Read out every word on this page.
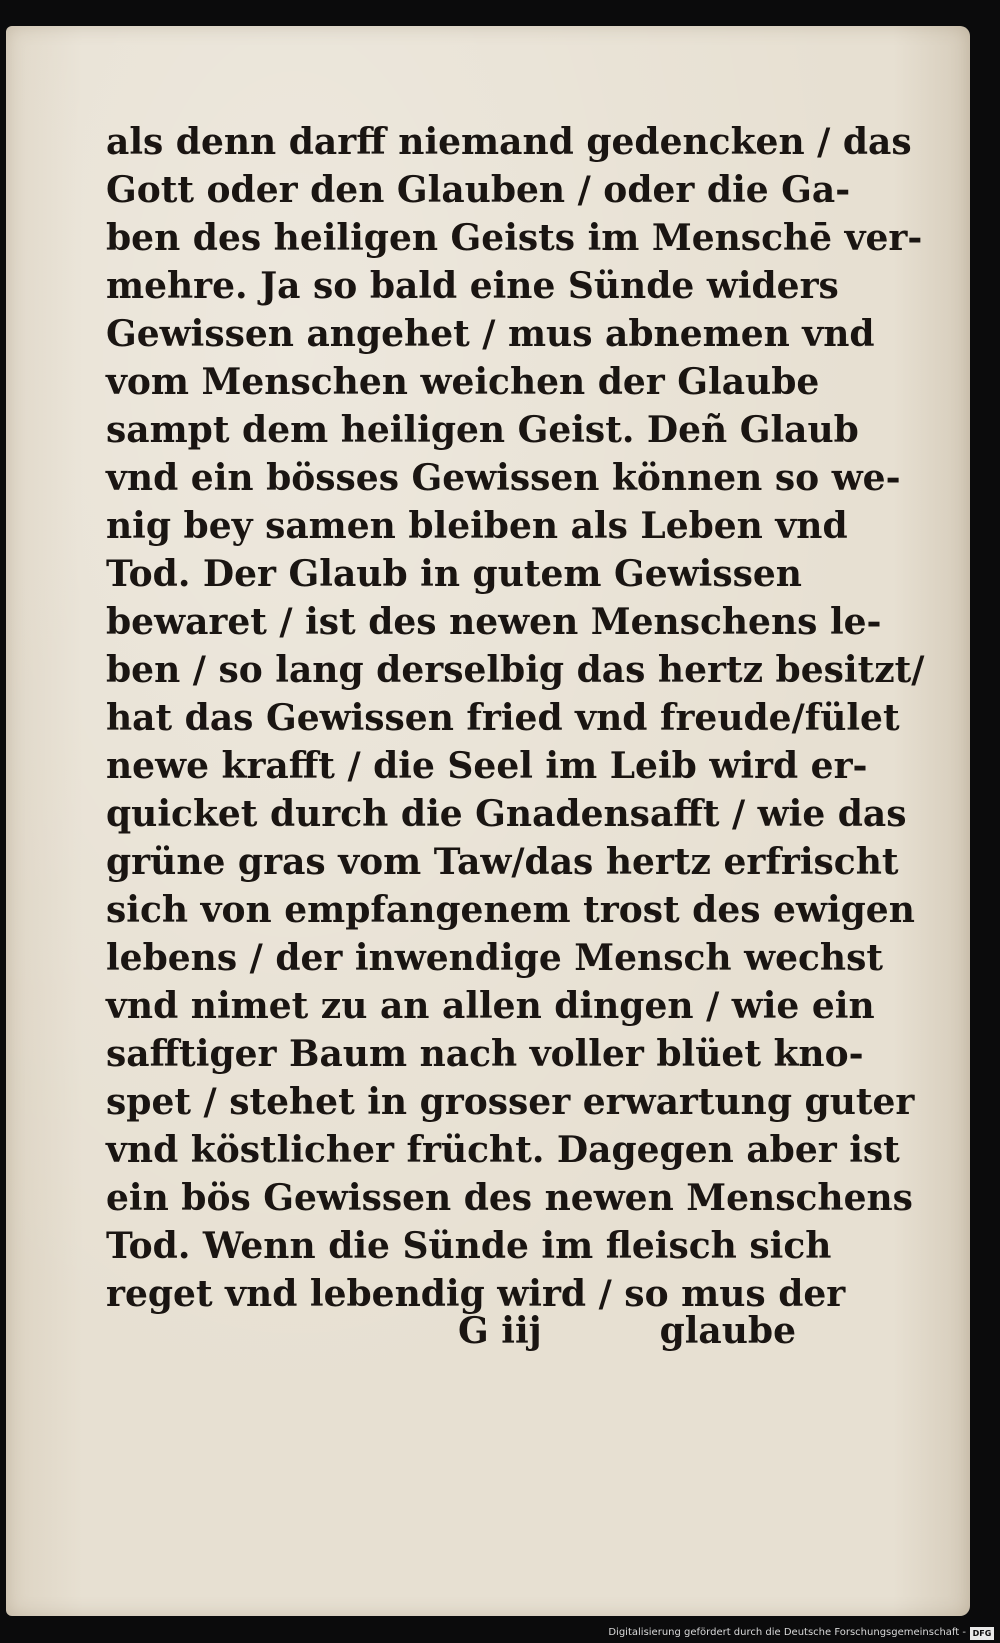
als denn darff niemand gedencken / das
Gott oder den Glauben / oder die Ga-
ben des heiligen Geists im Menschē ver-
mehre. Ja so bald eine Sünde widers
Gewissen angehet / mus abnemen vnd
vom Menschen weichen der Glaube
sampt dem heiligen Geist. Deñ Glaub
vnd ein bösses Gewissen können so we-
nig bey samen bleiben als Leben vnd
Tod. Der Glaub in gutem Gewissen
bewaret / ist des newen Menschens le-
ben / so lang derselbig das hertz besitzt/
hat das Gewissen fried vnd freude/fület
newe krafft / die Seel im Leib wird er-
quicket durch die Gnadensafft / wie das
grüne gras vom Taw/das hertz erfrischt
sich von empfangenem trost des ewigen
lebens / der inwendige Mensch wechst
vnd nimet zu an allen dingen / wie ein
safftiger Baum nach voller blüet kno-
spet / stehet in grosser erwartung guter
vnd köstlicher frücht. Dagegen aber ist
ein bös Gewissen des newen Menschens
Tod. Wenn die Sünde im fleisch sich
reget vnd lebendig wird / so mus der
G iij	glaube
Digitalisierung gefördert durch die Deutsche Forschungsgemeinschaft - DFG
